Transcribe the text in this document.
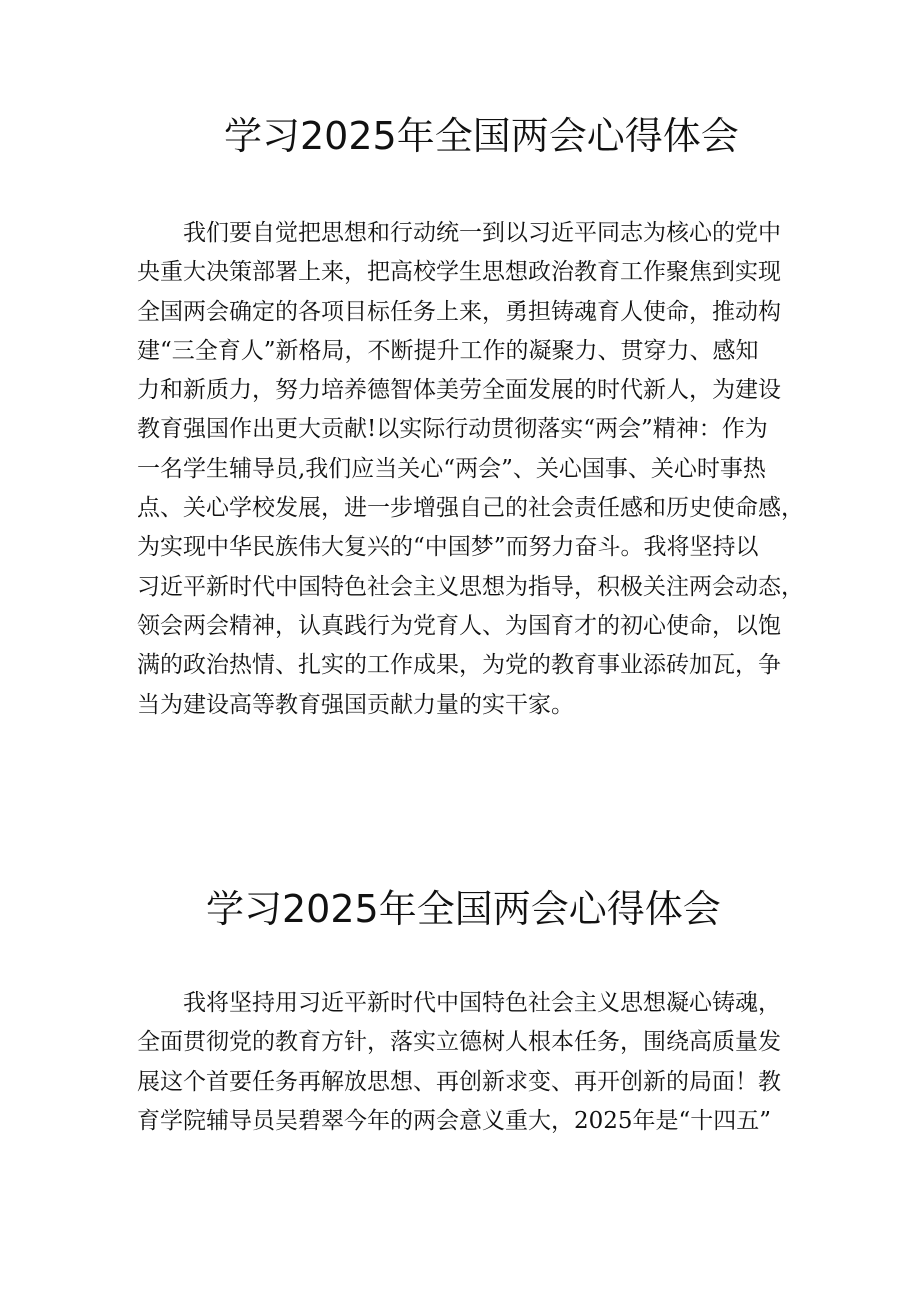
学习2025年全国两会心得体会
　　我们要自觉把思想和行动统一到以习近平同志为核心的党中
央重大决策部署上来，把高校学生思想政治教育工作聚焦到实现
全国两会确定的各项目标任务上来，勇担铸魂育人使命，推动构
建“三全育人”新格局，不断提升工作的凝聚力、贯穿力、感知
力和新质力，努力培养德智体美劳全面发展的时代新人，为建设
教育强国作出更大贡献!以实际行动贯彻落实“两会”精神：作为
一名学生辅导员,我们应当关心“两会”、关心国事、关心时事热
点、关心学校发展，进一步增强自己的社会责任感和历史使命感，
为实现中华民族伟大复兴的“中国梦”而努力奋斗。我将坚持以
习近平新时代中国特色社会主义思想为指导，积极关注两会动态，
领会两会精神，认真践行为党育人、为国育才的初心使命，以饱
满的政治热情、扎实的工作成果，为党的教育事业添砖加瓦，争
当为建设高等教育强国贡献力量的实干家。
学习2025年全国两会心得体会
　　我将坚持用习近平新时代中国特色社会主义思想凝心铸魂，
全面贯彻党的教育方针，落实立德树人根本任务，围绕高质量发
展这个首要任务再解放思想、再创新求变、再开创新的局面！教
育学院辅导员吴碧翠今年的两会意义重大，2025年是“十四五”
